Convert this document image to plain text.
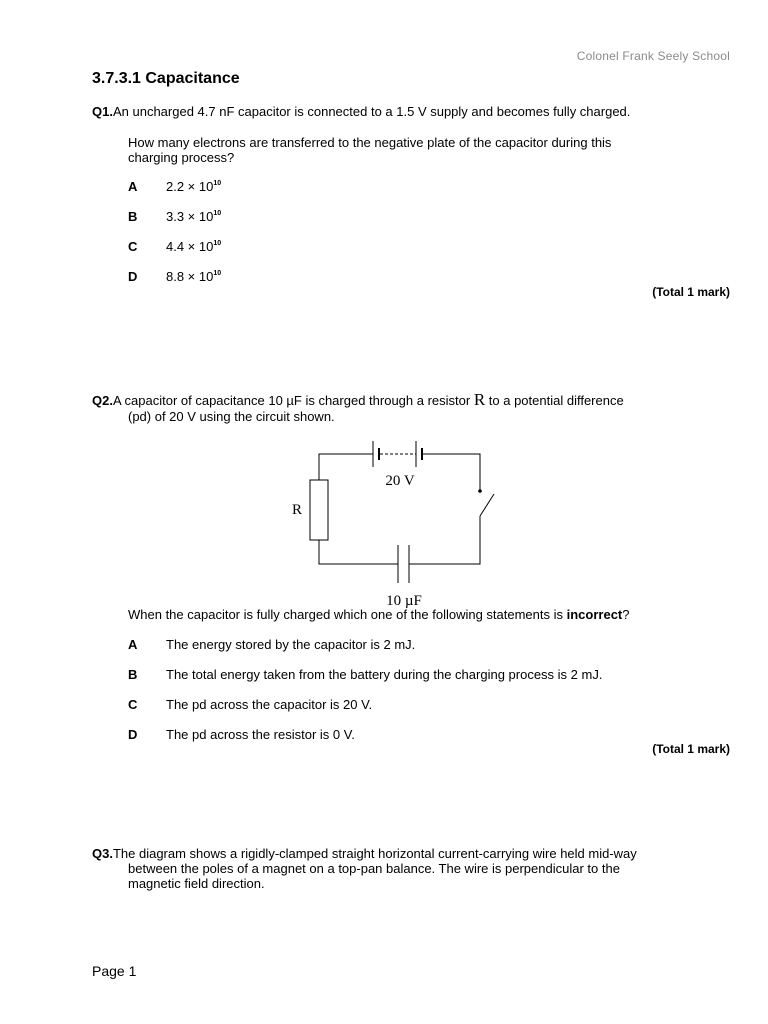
Colonel Frank Seely School
3.7.3.1 Capacitance
Q1.An uncharged 4.7 nF capacitor is connected to a 1.5 V supply and becomes fully charged.
How many electrons are transferred to the negative plate of the capacitor during this
charging process?
A $2.2 \times 10^{10}$
B $3.3 \times 10^{10}$
C $4.4 \times 10^{10}$
D $8.8 \times 10^{10}$
(Total 1 mark)
Q2.A capacitor of capacitance 10 µF is charged through a resistor R to a potential difference
(pd) of 20 V using the circuit shown.
20 V
R
10 µF
When the capacitor is fully charged which one of the following statements is incorrect?
A The energy stored by the capacitor is 2 mJ.
B The total energy taken from the battery during the charging process is 2 mJ.
C The pd across the capacitor is 20 V.
D The pd across the resistor is 0 V.
(Total 1 mark)
Q3.The diagram shows a rigidly-clamped straight horizontal current-carrying wire held mid-way
between the poles of a magnet on a top-pan balance. The wire is perpendicular to the
magnetic field direction.
Page 1
